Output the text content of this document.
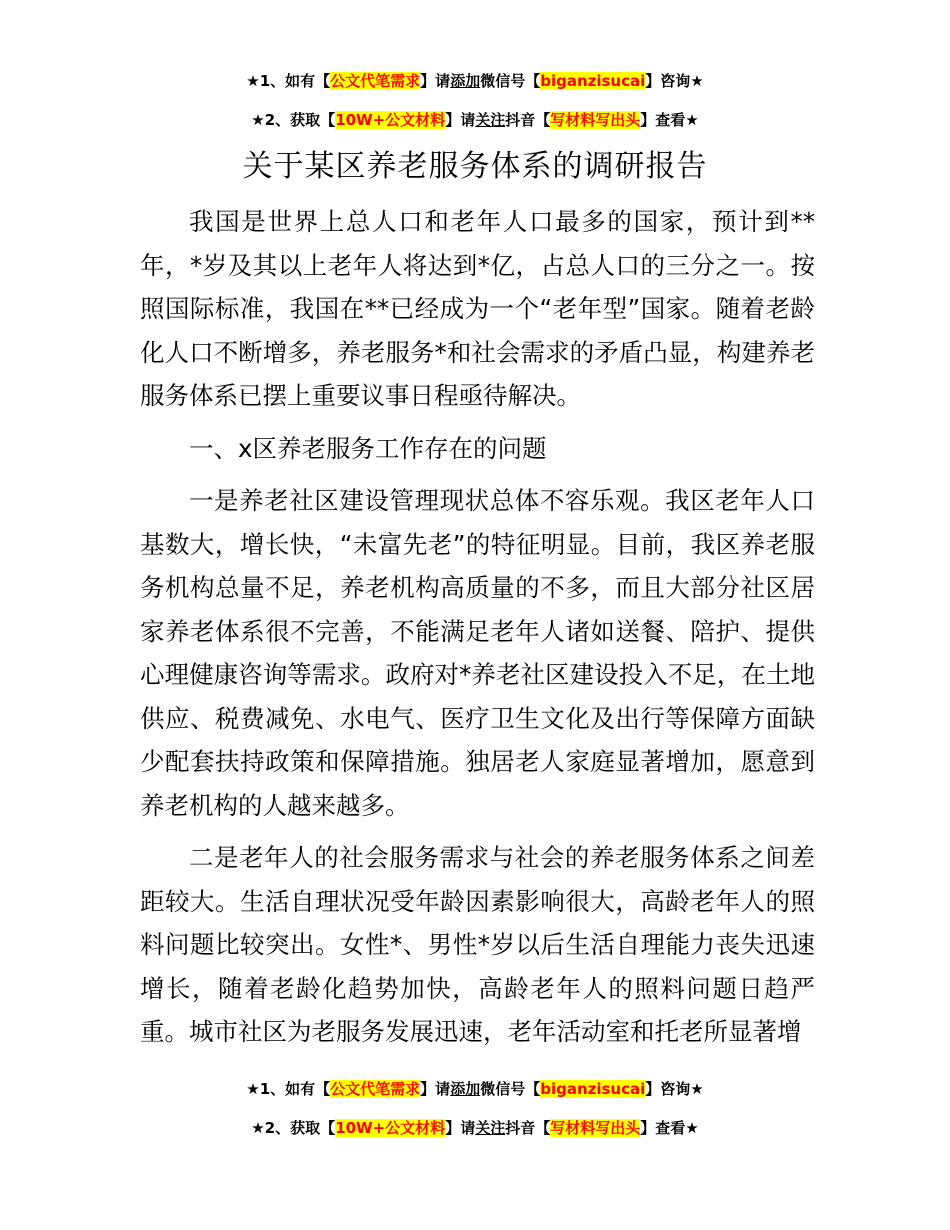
★1、如有【公文代笔需求】请添加微信号【biganzisucai】咨询★
★2、获取【10W+公文材料】请关注抖音【写材料写出头】查看★
关于某区养老服务体系的调研报告

我国是世界上总人口和老年人口最多的国家，预计到**年，*岁及其以上老年人将达到*亿，占总人口的三分之一。按照国际标准，我国在**已经成为一个“老年型”国家。随着老龄化人口不断增多，养老服务*和社会需求的矛盾凸显，构建养老服务体系已摆上重要议事日程亟待解决。

一、x区养老服务工作存在的问题

一是养老社区建设管理现状总体不容乐观。我区老年人口基数大，增长快，“未富先老”的特征明显。目前，我区养老服务机构总量不足，养老机构高质量的不多，而且大部分社区居家养老体系很不完善，不能满足老年人诸如送餐、陪护、提供心理健康咨询等需求。政府对*养老社区建设投入不足，在土地供应、税费减免、水电气、医疗卫生文化及出行等保障方面缺少配套扶持政策和保障措施。独居老人家庭显著增加，愿意到养老机构的人越来越多。

二是老年人的社会服务需求与社会的养老服务体系之间差距较大。生活自理状况受年龄因素影响很大，高龄老年人的照料问题比较突出。女性*、男性*岁以后生活自理能力丧失迅速增长，随着老龄化趋势加快，高龄老年人的照料问题日趋严重。城市社区为老服务发展迅速，老年活动室和托老所显著增

★1、如有【公文代笔需求】请添加微信号【biganzisucai】咨询★
★2、获取【10W+公文材料】请关注抖音【写材料写出头】查看★
